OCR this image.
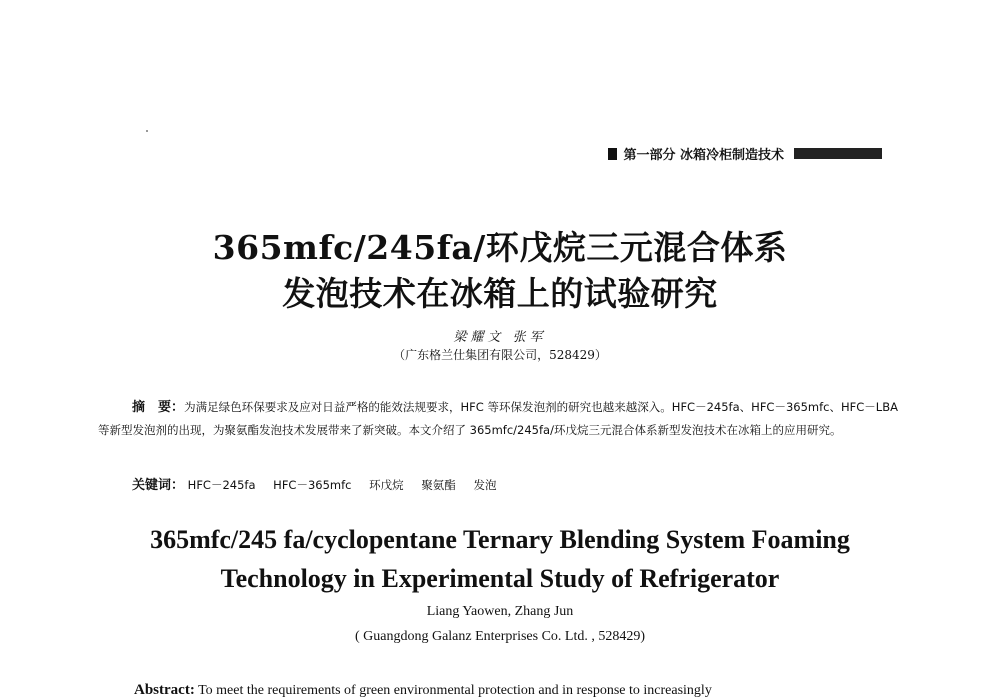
第一部分 冰箱冷柜制造技术
365mfc/245fa/环戊烷三元混合体系
发泡技术在冰箱上的试验研究
梁耀文 张军
（广东格兰仕集团有限公司，528429）
摘　要：为满足绿色环保要求及应对日益严格的能效法规要求，HFC 等环保发泡剂的研究也越来越深入。HFC－245fa、HFC－365mfc、HFC－LBA 等新型发泡剂的出现，为聚氨酯发泡技术发展带来了新突破。本文介绍了 365mfc/245fa/环戊烷三元混合体系新型发泡技术在冰箱上的应用研究。
关键词： HFC－245fa HFC－365mfc 环戊烷 聚氨酯 发泡
365mfc/245 fa/cyclopentane Ternary Blending System Foaming
Technology in Experimental Study of Refrigerator
Liang Yaowen, Zhang Jun
( Guangdong Galanz Enterprises Co. Ltd. , 528429)
Abstract: To meet the requirements of green environmental protection and in response to increasingly
